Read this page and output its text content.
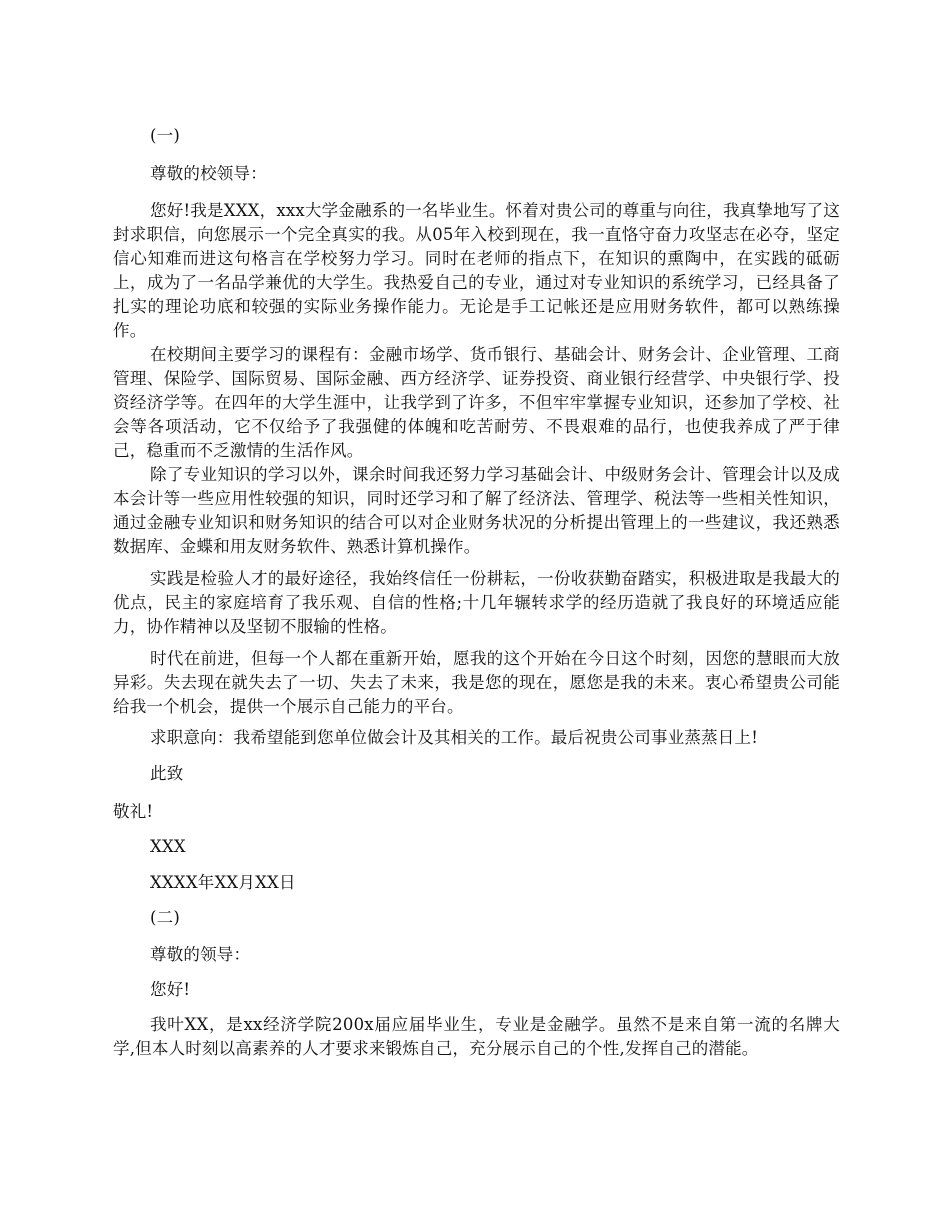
(一)
尊敬的校领导：
您好!我是XXX，xxx大学金融系的一名毕业生。怀着对贵公司的尊重与向往，我真挚地写了这封求职信，向您展示一个完全真实的我。从05年入校到现在，我一直恪守奋力攻坚志在必夺，坚定信心知难而进这句格言在学校努力学习。同时在老师的指点下，在知识的熏陶中，在实践的砥砺上，成为了一名品学兼优的大学生。我热爱自己的专业，通过对专业知识的系统学习，已经具备了扎实的理论功底和较强的实际业务操作能力。无论是手工记帐还是应用财务软件，都可以熟练操作。
在校期间主要学习的课程有：金融市场学、货币银行、基础会计、财务会计、企业管理、工商管理、保险学、国际贸易、国际金融、西方经济学、证券投资、商业银行经营学、中央银行学、投资经济学等。在四年的大学生涯中，让我学到了许多，不但牢牢掌握专业知识，还参加了学校、社会等各项活动，它不仅给予了我强健的体魄和吃苦耐劳、不畏艰难的品行，也使我养成了严于律己，稳重而不乏激情的生活作风。
除了专业知识的学习以外，课余时间我还努力学习基础会计、中级财务会计、管理会计以及成本会计等一些应用性较强的知识，同时还学习和了解了经济法、管理学、税法等一些相关性知识，通过金融专业知识和财务知识的结合可以对企业财务状况的分析提出管理上的一些建议，我还熟悉数据库、金蝶和用友财务软件、熟悉计算机操作。
实践是检验人才的最好途径，我始终信任一份耕耘，一份收获勤奋踏实，积极进取是我最大的优点，民主的家庭培育了我乐观、自信的性格;十几年辗转求学的经历造就了我良好的环境适应能力，协作精神以及坚韧不服输的性格。
时代在前进，但每一个人都在重新开始，愿我的这个开始在今日这个时刻，因您的慧眼而大放异彩。失去现在就失去了一切、失去了未来，我是您的现在，愿您是我的未来。衷心希望贵公司能给我一个机会，提供一个展示自己能力的平台。
求职意向：我希望能到您单位做会计及其相关的工作。最后祝贵公司事业蒸蒸日上!
此致
敬礼!
XXX
XXXX年XX月XX日
(二)
尊敬的领导：
您好!
我叶XX，是xx经济学院200x届应届毕业生，专业是金融学。虽然不是来自第一流的名牌大学,但本人时刻以高素养的人才要求来锻炼自己，充分展示自己的个性,发挥自己的潜能。
